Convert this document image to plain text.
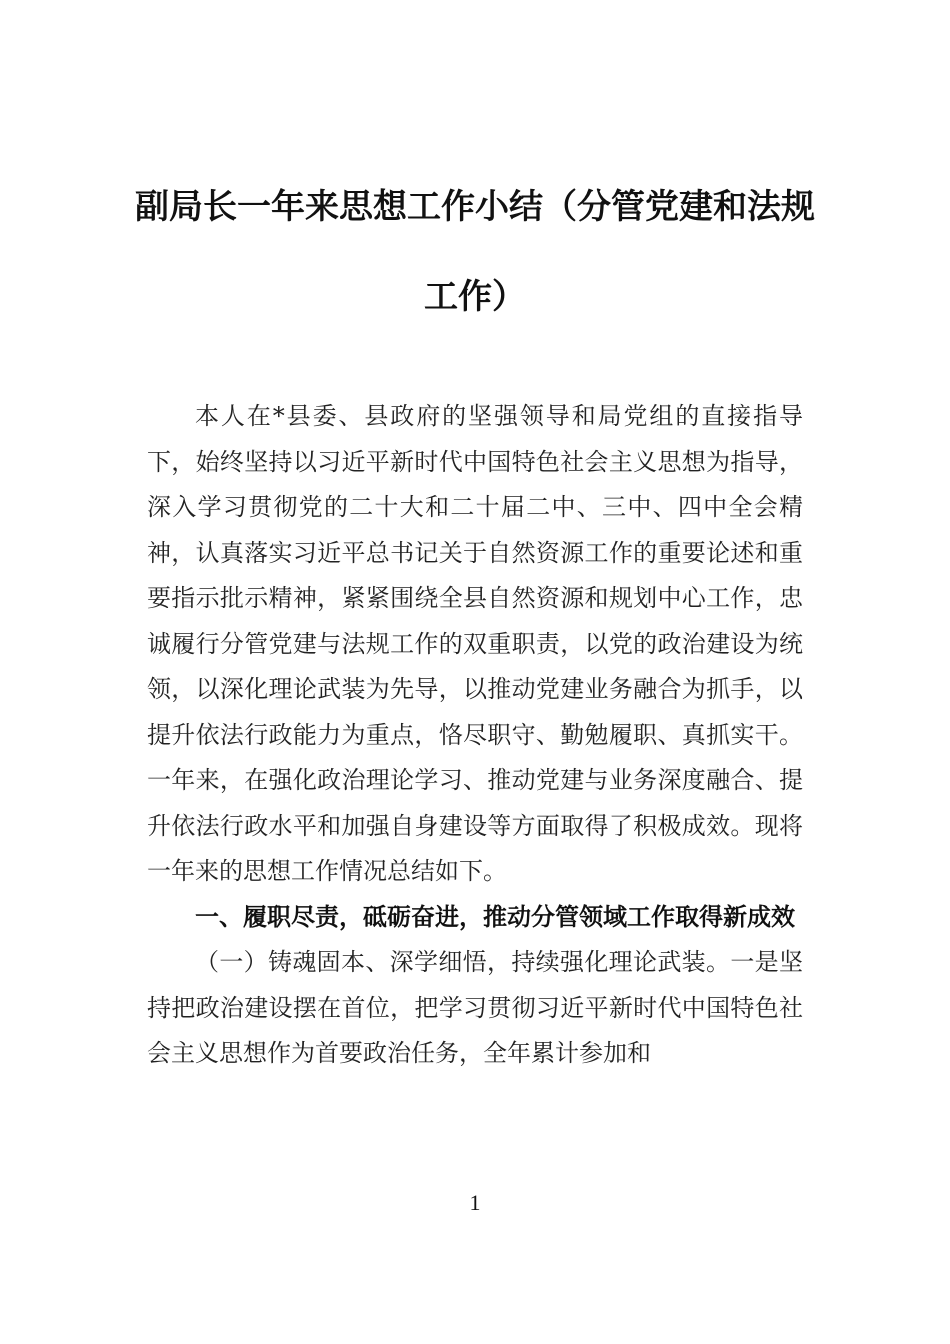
副局长一年来思想工作小结（分管党建和法规工作）

本人在*县委、县政府的坚强领导和局党组的直接指导下，始终坚持以习近平新时代中国特色社会主义思想为指导，深入学习贯彻党的二十大和二十届二中、三中、四中全会精神，认真落实习近平总书记关于自然资源工作的重要论述和重要指示批示精神，紧紧围绕全县自然资源和规划中心工作，忠诚履行分管党建与法规工作的双重职责，以党的政治建设为统领，以深化理论武装为先导，以推动党建业务融合为抓手，以提升依法行政能力为重点，恪尽职守、勤勉履职、真抓实干。一年来，在强化政治理论学习、推动党建与业务深度融合、提升依法行政水平和加强自身建设等方面取得了积极成效。现将一年来的思想工作情况总结如下。

一、履职尽责，砥砺奋进，推动分管领域工作取得新成效

（一）铸魂固本、深学细悟，持续强化理论武装。一是坚持把政治建设摆在首位，把学习贯彻习近平新时代中国特色社会主义思想作为首要政治任务，全年累计参加和

1
